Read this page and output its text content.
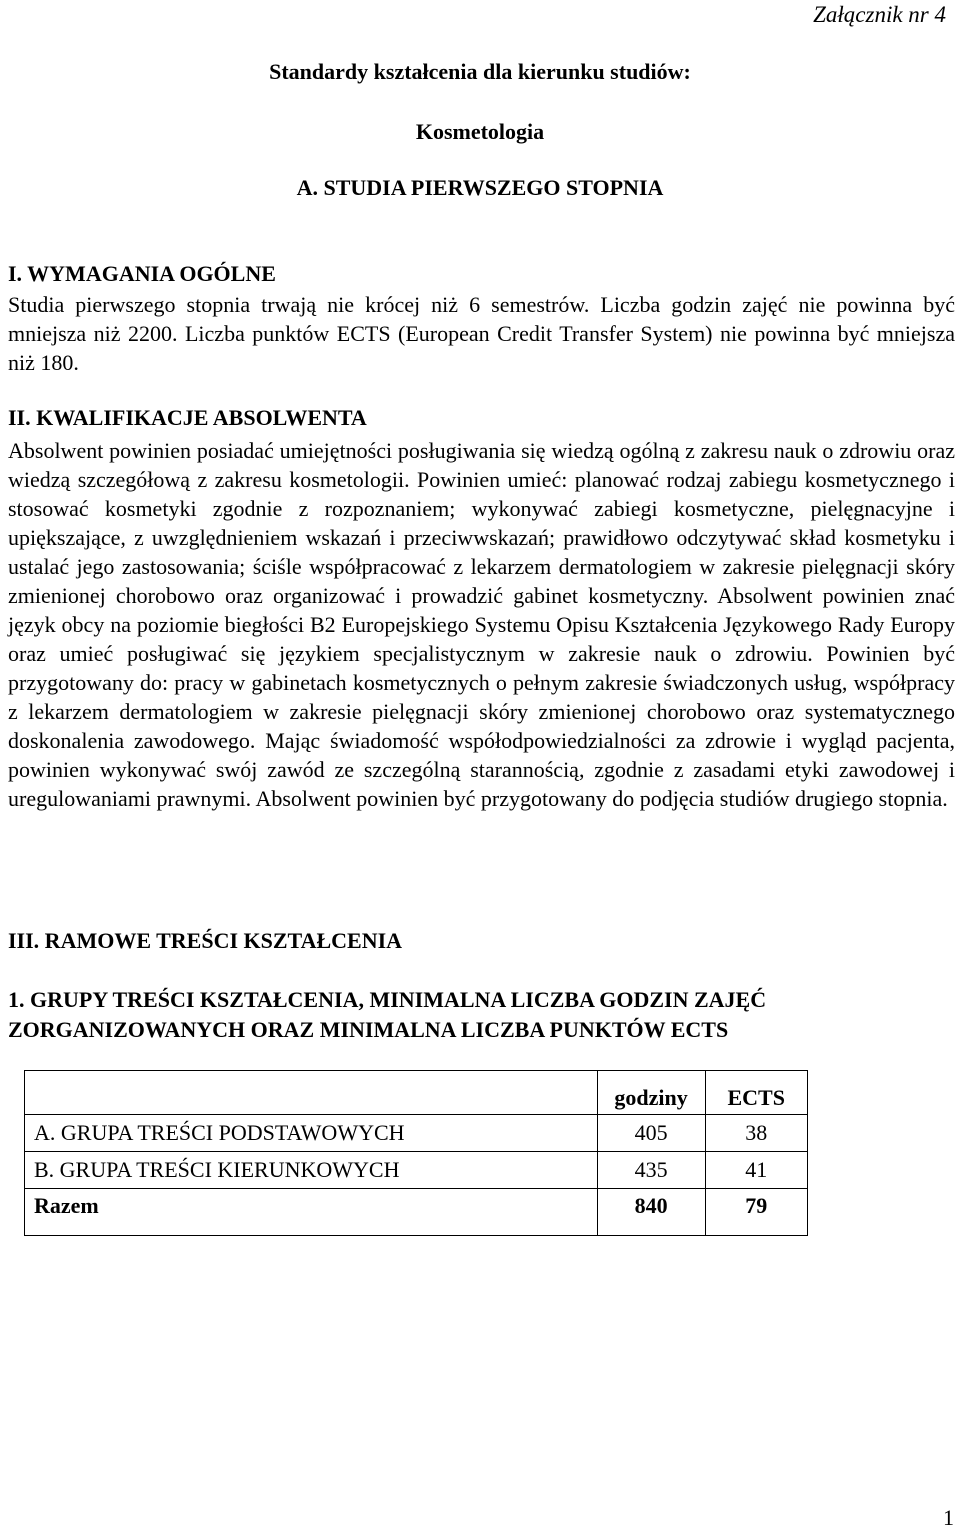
Załącznik nr 4
Standardy kształcenia dla kierunku studiów:
Kosmetologia
A. STUDIA PIERWSZEGO STOPNIA
I. WYMAGANIA OGÓLNE

Studia pierwszego stopnia trwają nie krócej niż 6 semestrów. Liczba godzin zajęć nie powinna być mniejsza niż 2200. Liczba punktów ECTS (European Credit Transfer System) nie powinna być mniejsza niż 180.

II. KWALIFIKACJE ABSOLWENTA

Absolwent powinien posiadać umiejętności posługiwania się wiedzą ogólną z zakresu nauk o zdrowiu oraz wiedzą szczegółową z zakresu kosmetologii. Powinien umieć: planować rodzaj zabiegu kosmetycznego i stosować kosmetyki zgodnie z rozpoznaniem; wykonywać zabiegi kosmetyczne, pielęgnacyjne i upiększające, z uwzględnieniem wskazań i przeciwwskazań; prawidłowo odczytywać skład kosmetyku i ustalać jego zastosowania; ściśle współpracować z lekarzem dermatologiem w zakresie pielęgnacji skóry zmienionej chorobowo oraz organizować i prowadzić gabinet kosmetyczny. Absolwent powinien znać język obcy na poziomie biegłości B2 Europejskiego Systemu Opisu Kształcenia Językowego Rady Europy oraz umieć posługiwać się językiem specjalistycznym w zakresie nauk o zdrowiu. Powinien być przygotowany do: pracy w gabinetach kosmetycznych o pełnym zakresie świadczonych usług, współpracy z lekarzem dermatologiem w zakresie pielęgnacji skóry zmienionej chorobowo oraz systematycznego doskonalenia zawodowego. Mając świadomość współodpowiedzialności za zdrowie i wygląd pacjenta, powinien wykonywać swój zawód ze szczególną starannością, zgodnie z zasadami etyki zawodowej i uregulowaniami prawnymi. Absolwent powinien być przygotowany do podjęcia studiów drugiego stopnia.

III. RAMOWE TREŚCI KSZTAŁCENIA
1. GRUPY TREŚCI KSZTAŁCENIA, MINIMALNA LICZBA GODZIN ZAJĘĆ ZORGANIZOWANYCH ORAZ MINIMALNA LICZBA PUNKTÓW ECTS
	godziny	ECTS
A. GRUPA TREŚCI PODSTAWOWYCH	405	38
B. GRUPA TREŚCI KIERUNKOWYCH	435	41
Razem	840	79
1
